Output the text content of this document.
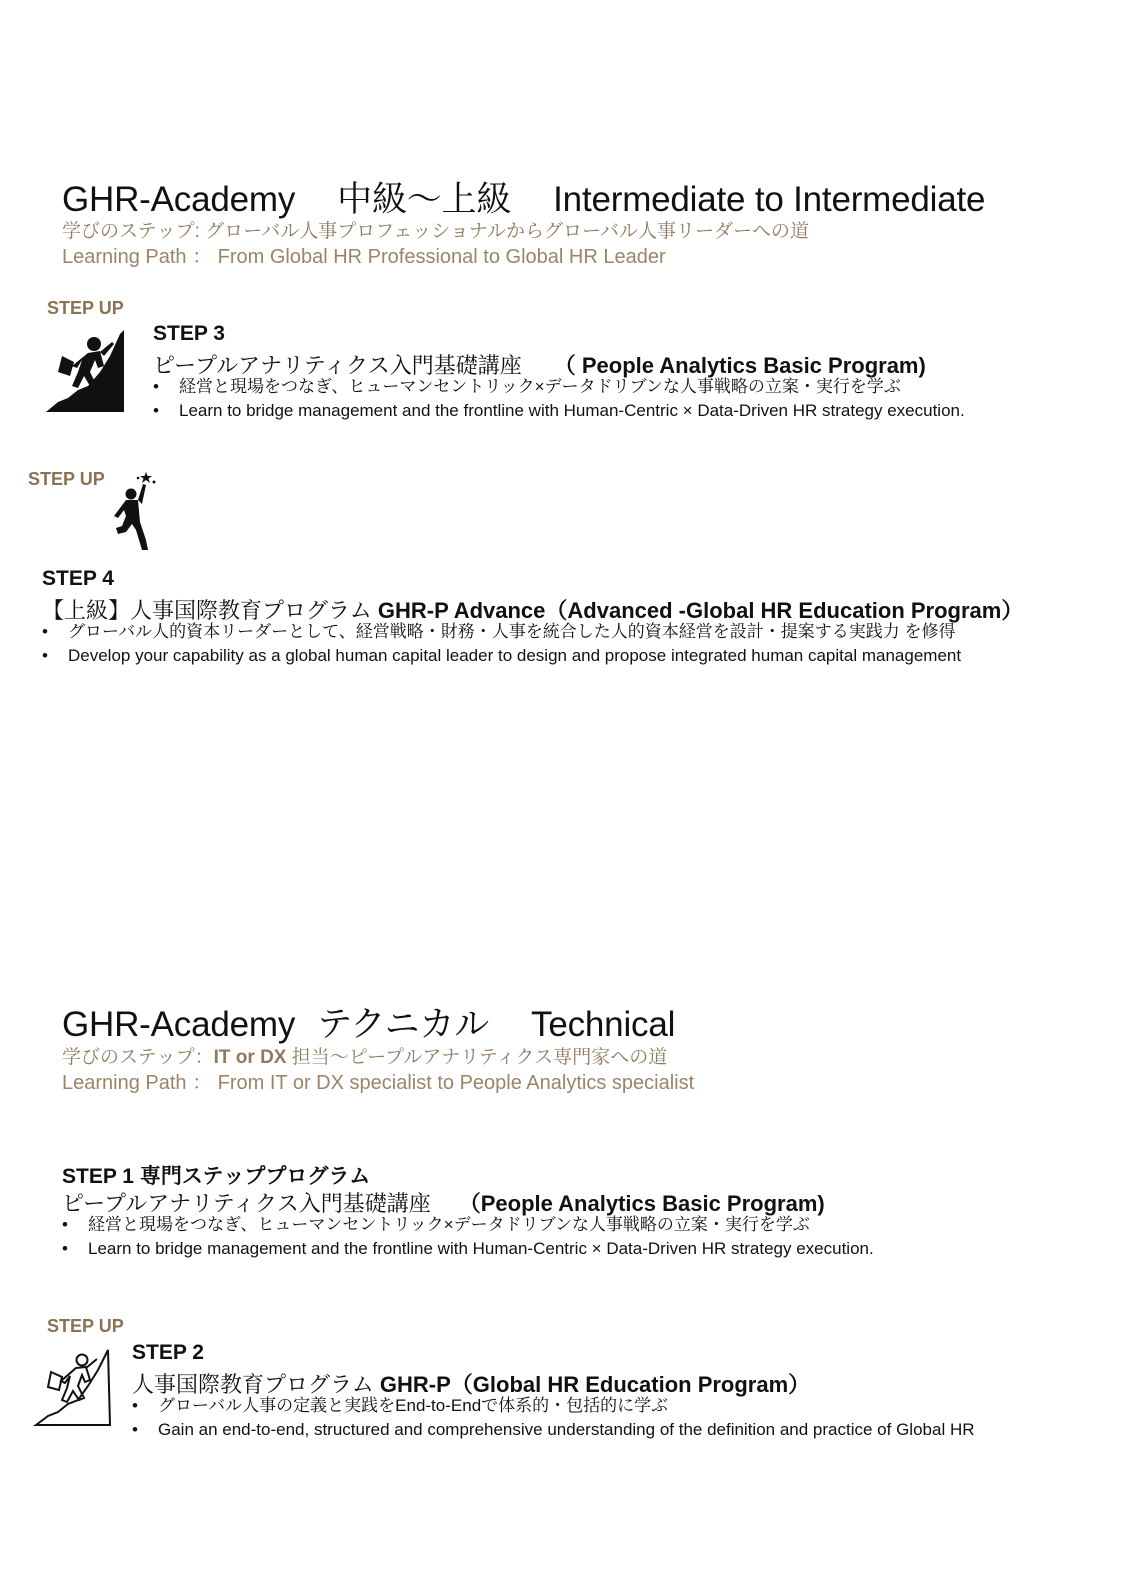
GHR-Academy 中級〜上級 Intermediate to Intermediate
学びのステップ: グローバル人事プロフェッショナルからグローバル人事リーダーへの道
Learning Path ： From Global HR Professional to Global HR Leader
STEP UP
STEP 3
ピープルアナリティクス入門基礎講座 （ People Analytics Basic Program)
• 経営と現場をつなぎ、ヒューマンセントリック×データドリブンな人事戦略の立案・実行を学ぶ
• Learn to bridge management and the frontline with Human-Centric × Data-Driven HR strategy execution.
STEP UP
STEP 4
【上級】人事国際教育プログラム GHR-P Advance（Advanced -Global HR Education Program）
• グローバル人的資本リーダーとして、経営戦略・財務・人事を統合した人的資本経営を設計・提案する実践力 を修得
• Develop your capability as a global human capital leader to design and propose integrated human capital management
GHR-Academy テクニカル Technical
学びのステップ：IT or DX 担当〜ピープルアナリティクス専門家への道
Learning Path ： From IT or DX specialist to People Analytics specialist
STEP 1 専門ステッププログラム
ピープルアナリティクス入門基礎講座 （People Analytics Basic Program)
• 経営と現場をつなぎ、ヒューマンセントリック×データドリブンな人事戦略の立案・実行を学ぶ
• Learn to bridge management and the frontline with Human-Centric × Data-Driven HR strategy execution.
STEP UP
STEP 2
人事国際教育プログラム GHR-P（Global HR Education Program）
• グローバル人事の定義と実践をEnd-to-Endで体系的・包括的に学ぶ
• Gain an end-to-end, structured and comprehensive understanding of the definition and practice of Global HR
